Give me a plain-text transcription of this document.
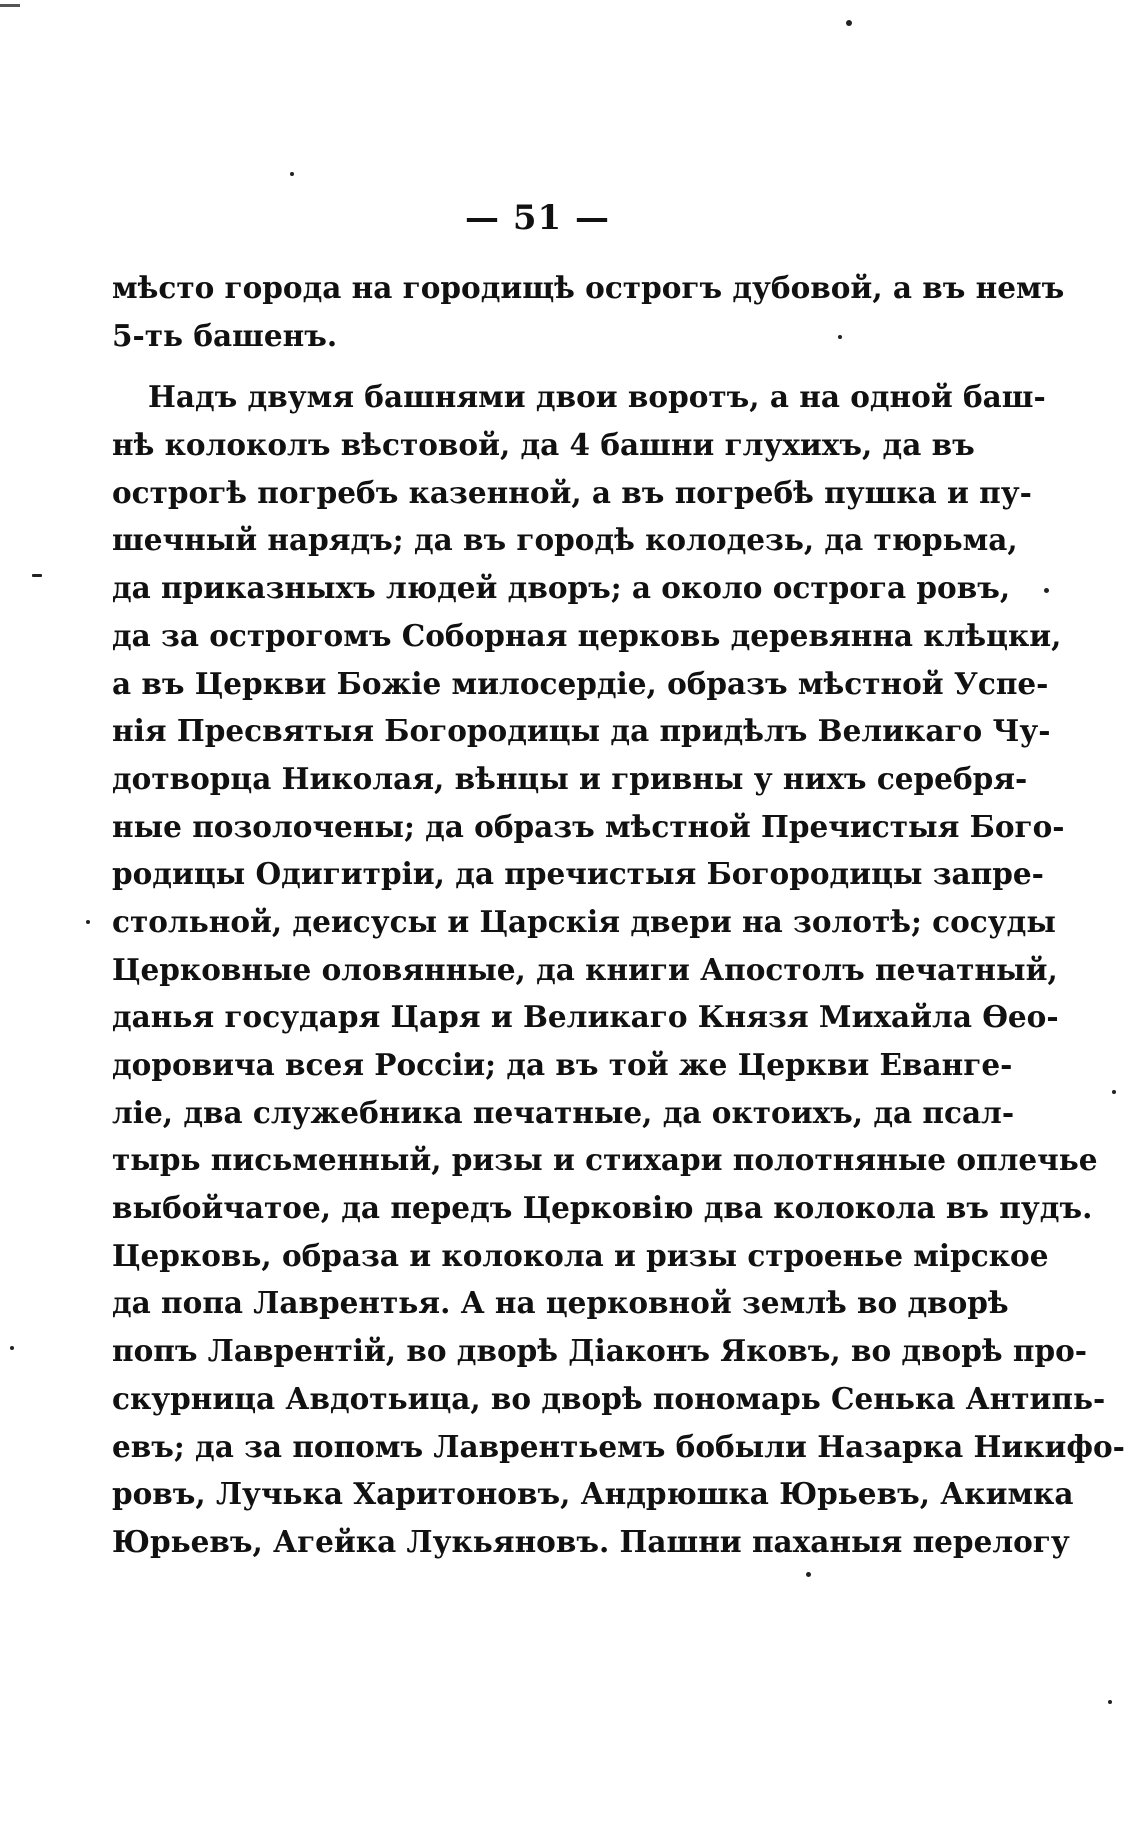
— 51 —
мѣсто города на городищѣ острогъ дубовой, а въ немъ
5-ть башенъ.
Надъ двумя башнями двои воротъ, а на одной баш-
нѣ колоколъ вѣстовой, да 4 башни глухихъ, да въ
острогѣ погребъ казенной, а въ погребѣ пушка и пу-
шечный нарядъ; да въ городѣ колодезь, да тюрьма,
да приказныхъ людей дворъ; а около острога ровъ,
да за острогомъ Соборная церковь деревянна клѣцки,
а въ Церкви Божіе милосердіе, образъ мѣстной Успе-
нія Пресвятыя Богородицы да придѣлъ Великаго Чу-
дотворца Николая, вѣнцы и гривны у нихъ серебря-
ные позолочены; да образъ мѣстной Пречистыя Бого-
родицы Одигитріи, да пречистыя Богородицы запре-
стольной, деисусы и Царскія двери на золотѣ; сосуды
Церковные оловянные, да книги Апостолъ печатный,
данья государя Царя и Великаго Князя Михайла Ѳео-
доровича всея Россіи; да въ той же Церкви Еванге-
ліе, два служебника печатные, да октоихъ, да псал-
тырь письменный, ризы и стихари полотняные оплечье
выбойчатое, да передъ Церковію два колокола въ пудъ.
Церковь, образа и колокола и ризы строенье мірское
да попа Лаврентья. А на церковной землѣ во дворѣ
попъ Лаврентій, во дворѣ Діаконъ Яковъ, во дворѣ про-
скурница Авдотьица, во дворѣ пономарь Сенька Антипь-
евъ; да за попомъ Лаврентьемъ бобыли Назарка Никифо-
ровъ, Лучька Харитоновъ, Андрюшка Юрьевъ, Акимка
Юрьевъ, Агейка Лукьяновъ. Пашни паханыя перелогу
